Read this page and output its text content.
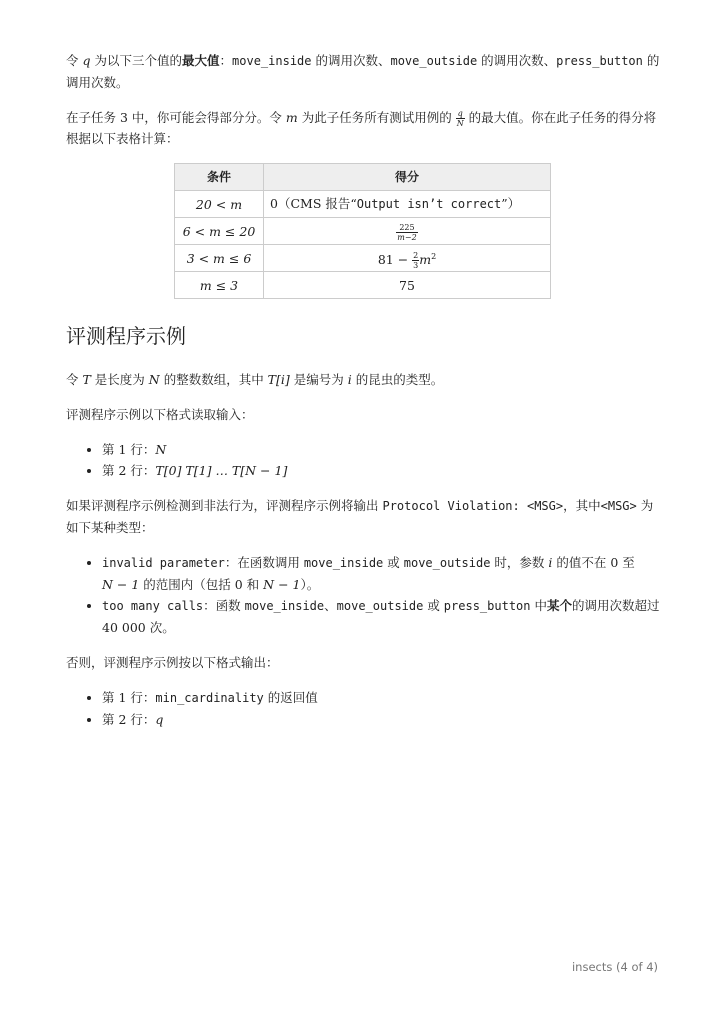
令 q 为以下三个值的最大值：move_inside 的调用次数、move_outside 的调用次数、press_button 的调用次数。

在子任务 3 中，你可能会得部分分。令 m 为此子任务所有测试用例的 $\frac{q}{N}$ 的最大值。你在此子任务的得分将根据以下表格计算：

条件	得分
20 < m	0（CMS 报告“Output isn’t correct”）
6 < m ≤ 20	$\frac{225}{m-2}$

3 < m ≤ 6	$81 - \frac{2}{3} m^2$
m ≤ 3	75
评测程序示例

令 T 是长度为 N 的整数数组，其中 T[i] 是编号为 i 的昆虫的类型。

评测程序示例以下格式读取输入：

• 第 1 行：N
• 第 2 行：T[0] T[1] … T[N − 1]

如果评测程序示例检测到非法行为，评测程序示例将输出 Protocol Violation: <MSG>，其中<MSG> 为如下某种类型：

• invalid parameter：在函数调用 move_inside 或 move_outside 时，参数 i 的值不在 0 至
N − 1 的范围内（包括 0 和 N − 1）。
• too many calls：函数 move_inside、move_outside 或 press_button 中某个的调用次数超过 40 000 次。

否则，评测程序示例按以下格式输出：

• 第 1 行：min_cardinality 的返回值
• 第 2 行：q
insects (4 of 4)
